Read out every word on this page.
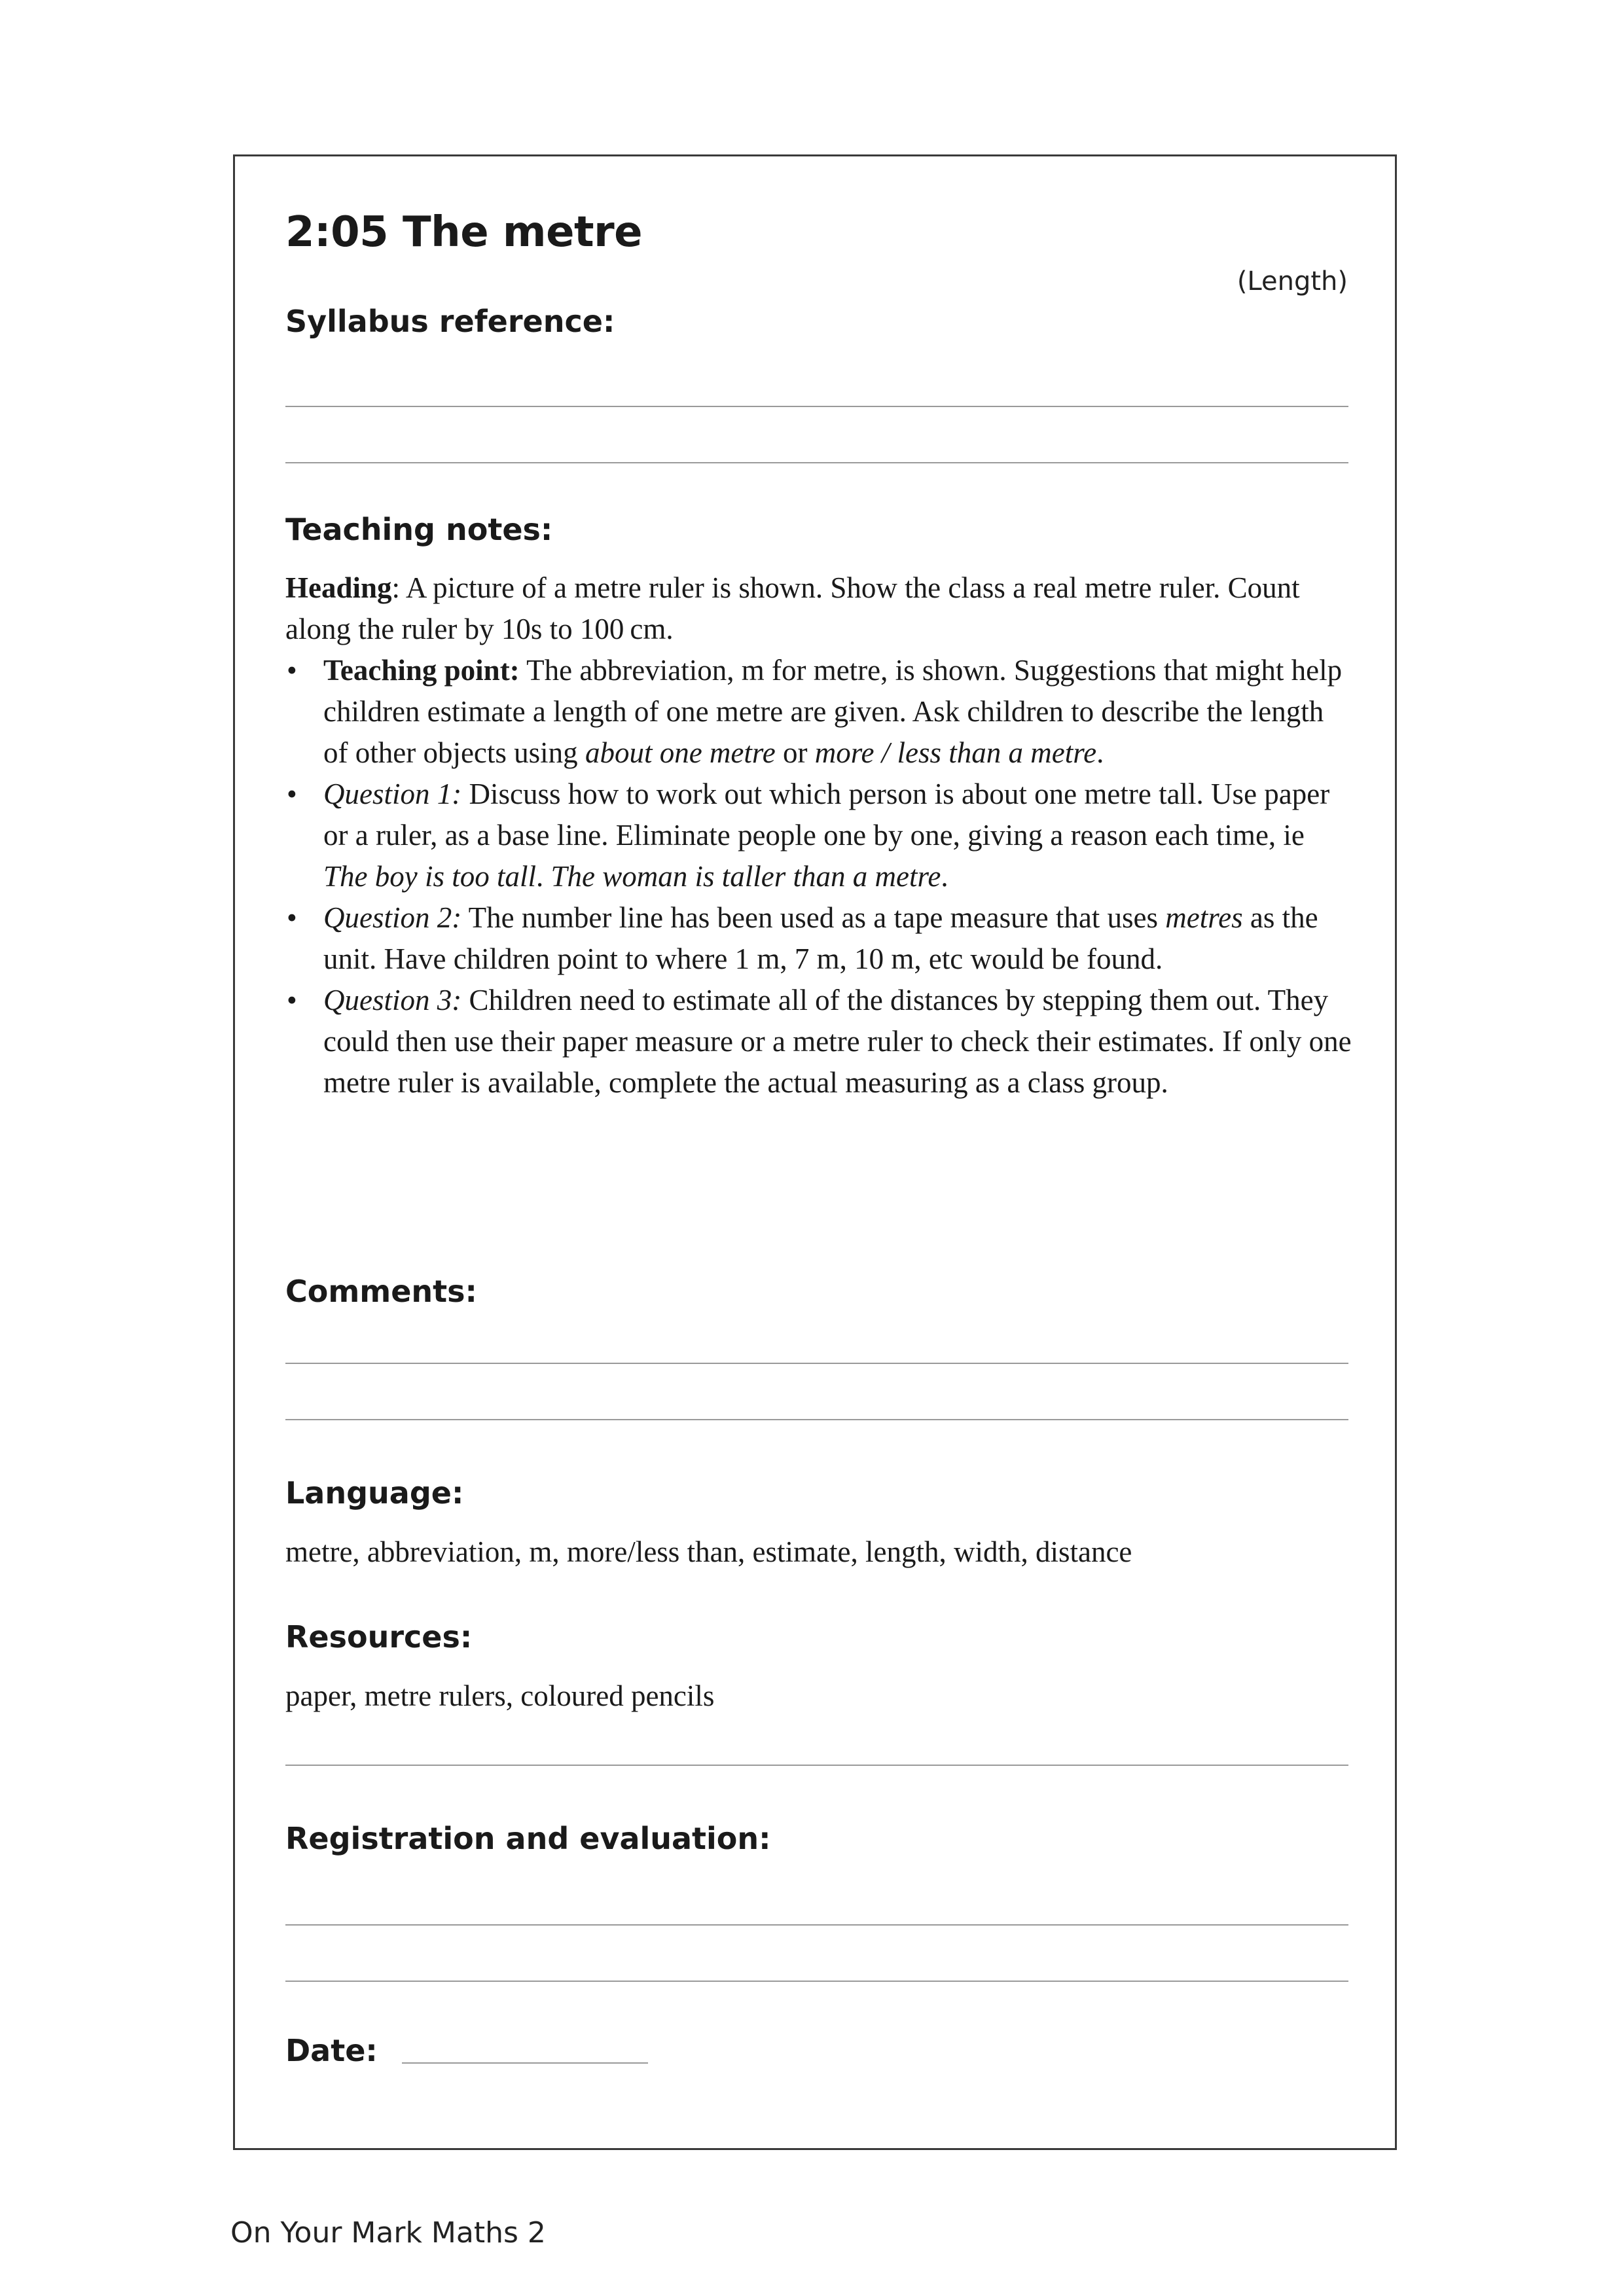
2:05 The metre
(Length)
Syllabus reference:
Teaching notes:

Heading: A picture of a metre ruler is shown. Show the class a real metre ruler. Count along the ruler by 10s to 100 cm.

• Teaching point: The abbreviation, m for metre, is shown. Suggestions that might help children estimate a length of one metre are given. Ask children to describe the length of other objects using about one metre or more / less than a metre.
• Question 1: Discuss how to work out which person is about one metre tall. Use paper or a ruler, as a base line. Eliminate people one by one, giving a reason each time, ie The boy is too tall. The woman is taller than a metre.
• Question 2: The number line has been used as a tape measure that uses metres as the unit. Have children point to where 1 m, 7 m, 10 m, etc would be found.
• Question 3: Children need to estimate all of the distances by stepping them out. They could then use their paper measure or a metre ruler to check their estimates. If only one metre ruler is available, complete the actual measuring as a class group.
Comments:
Language:
metre, abbreviation, m, more/less than, estimate, length, width, distance
Resources:
paper, metre rulers, coloured pencils
Registration and evaluation:
Date:
On Your Mark Maths 2
